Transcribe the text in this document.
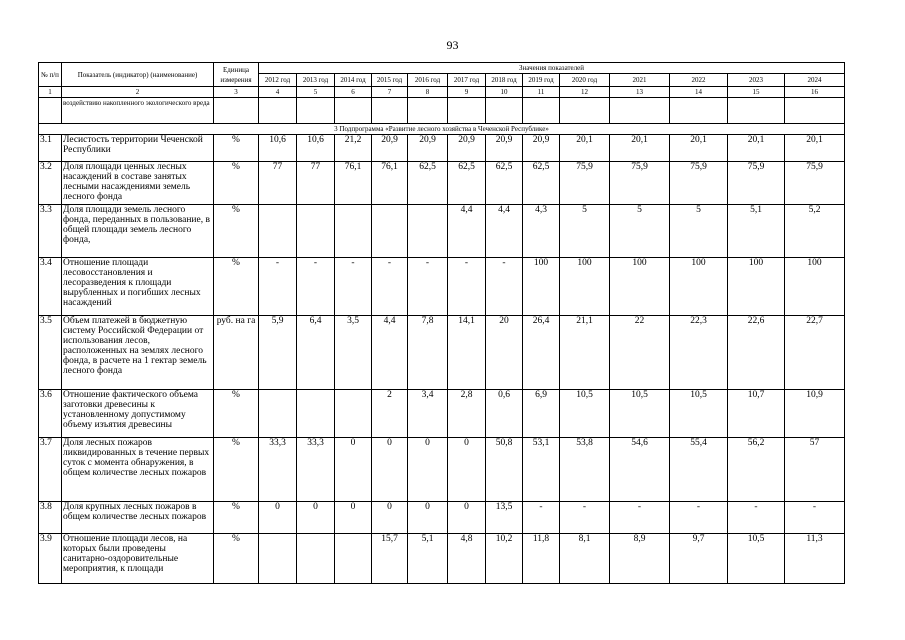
93
№ п/п	Показатель (индикатор) (наименование)	Единица измерения	Значения показателей												
			2012 год	2013 год	2014 год	2015 год	2016 год	2017 год	2018 год	2019 год	2020 год	2021	2022	2023	2024
1	2	3	4	5	6	7	8	9	10	11	12	13	14	15	16
	воздействию накопленного экологического вреда														
3 Подпрограмма «Развитие лесного хозяйства в Чеченской Республике»															
3.1	Лесистость территории Чеченской Республики	%	10,6	10,6	21,2	20,9	20,9	20,9	20,9	20,9	20,1	20,1	20,1	20,1	20,1
3.2	Доля площади ценных лесных насаждений в составе занятых лесными насаждениями земель лесного фонда	%	77	77	76,1	76,1	62,5	62,5	62,5	62,5	75,9	75,9	75,9	75,9	75,9
3.3	Доля площади земель лесного фонда, переданных в пользование, в общей площади земель лесного фонда,	%						4,4	4,4	4,3	5	5	5	5,1	5,2
3.4	Отношение площади лесовосстановления и лесоразведения к площади вырубленных и погибших лесных насаждений	%	-	-	-	-	-	-	-	100	100	100	100	100	100
3.5	Объем платежей в бюджетную систему Российской Федерации от использования лесов, расположенных на землях лесного фонда, в расчете на 1 гектар земель лесного фонда	руб. на га	5,9	6,4	3,5	4,4	7,8	14,1	20	26,4	21,1	22	22,3	22,6	22,7
3.6	Отношение фактического объема заготовки древесины к установленному допустимому объему изъятия древесины	%				2	3,4	2,8	0,6	6,9	10,5	10,5	10,5	10,7	10,9
3.7	Доля лесных пожаров ликвидированных в течение первых суток с момента обнаружения, в общем количестве лесных пожаров	%	33,3	33,3	0	0	0	0	50,8	53,1	53,8	54,6	55,4	56,2	57
3.8	Доля крупных лесных пожаров в общем количестве лесных пожаров	%	0	0	0	0	0	0	13,5	-	-	-	-	-	-
3.9	Отношение площади лесов, на которых были проведены санитарно-оздоровительные мероприятия, к площади	%				15,7	5,1	4,8	10,2	11,8	8,1	8,9	9,7	10,5	11,3
